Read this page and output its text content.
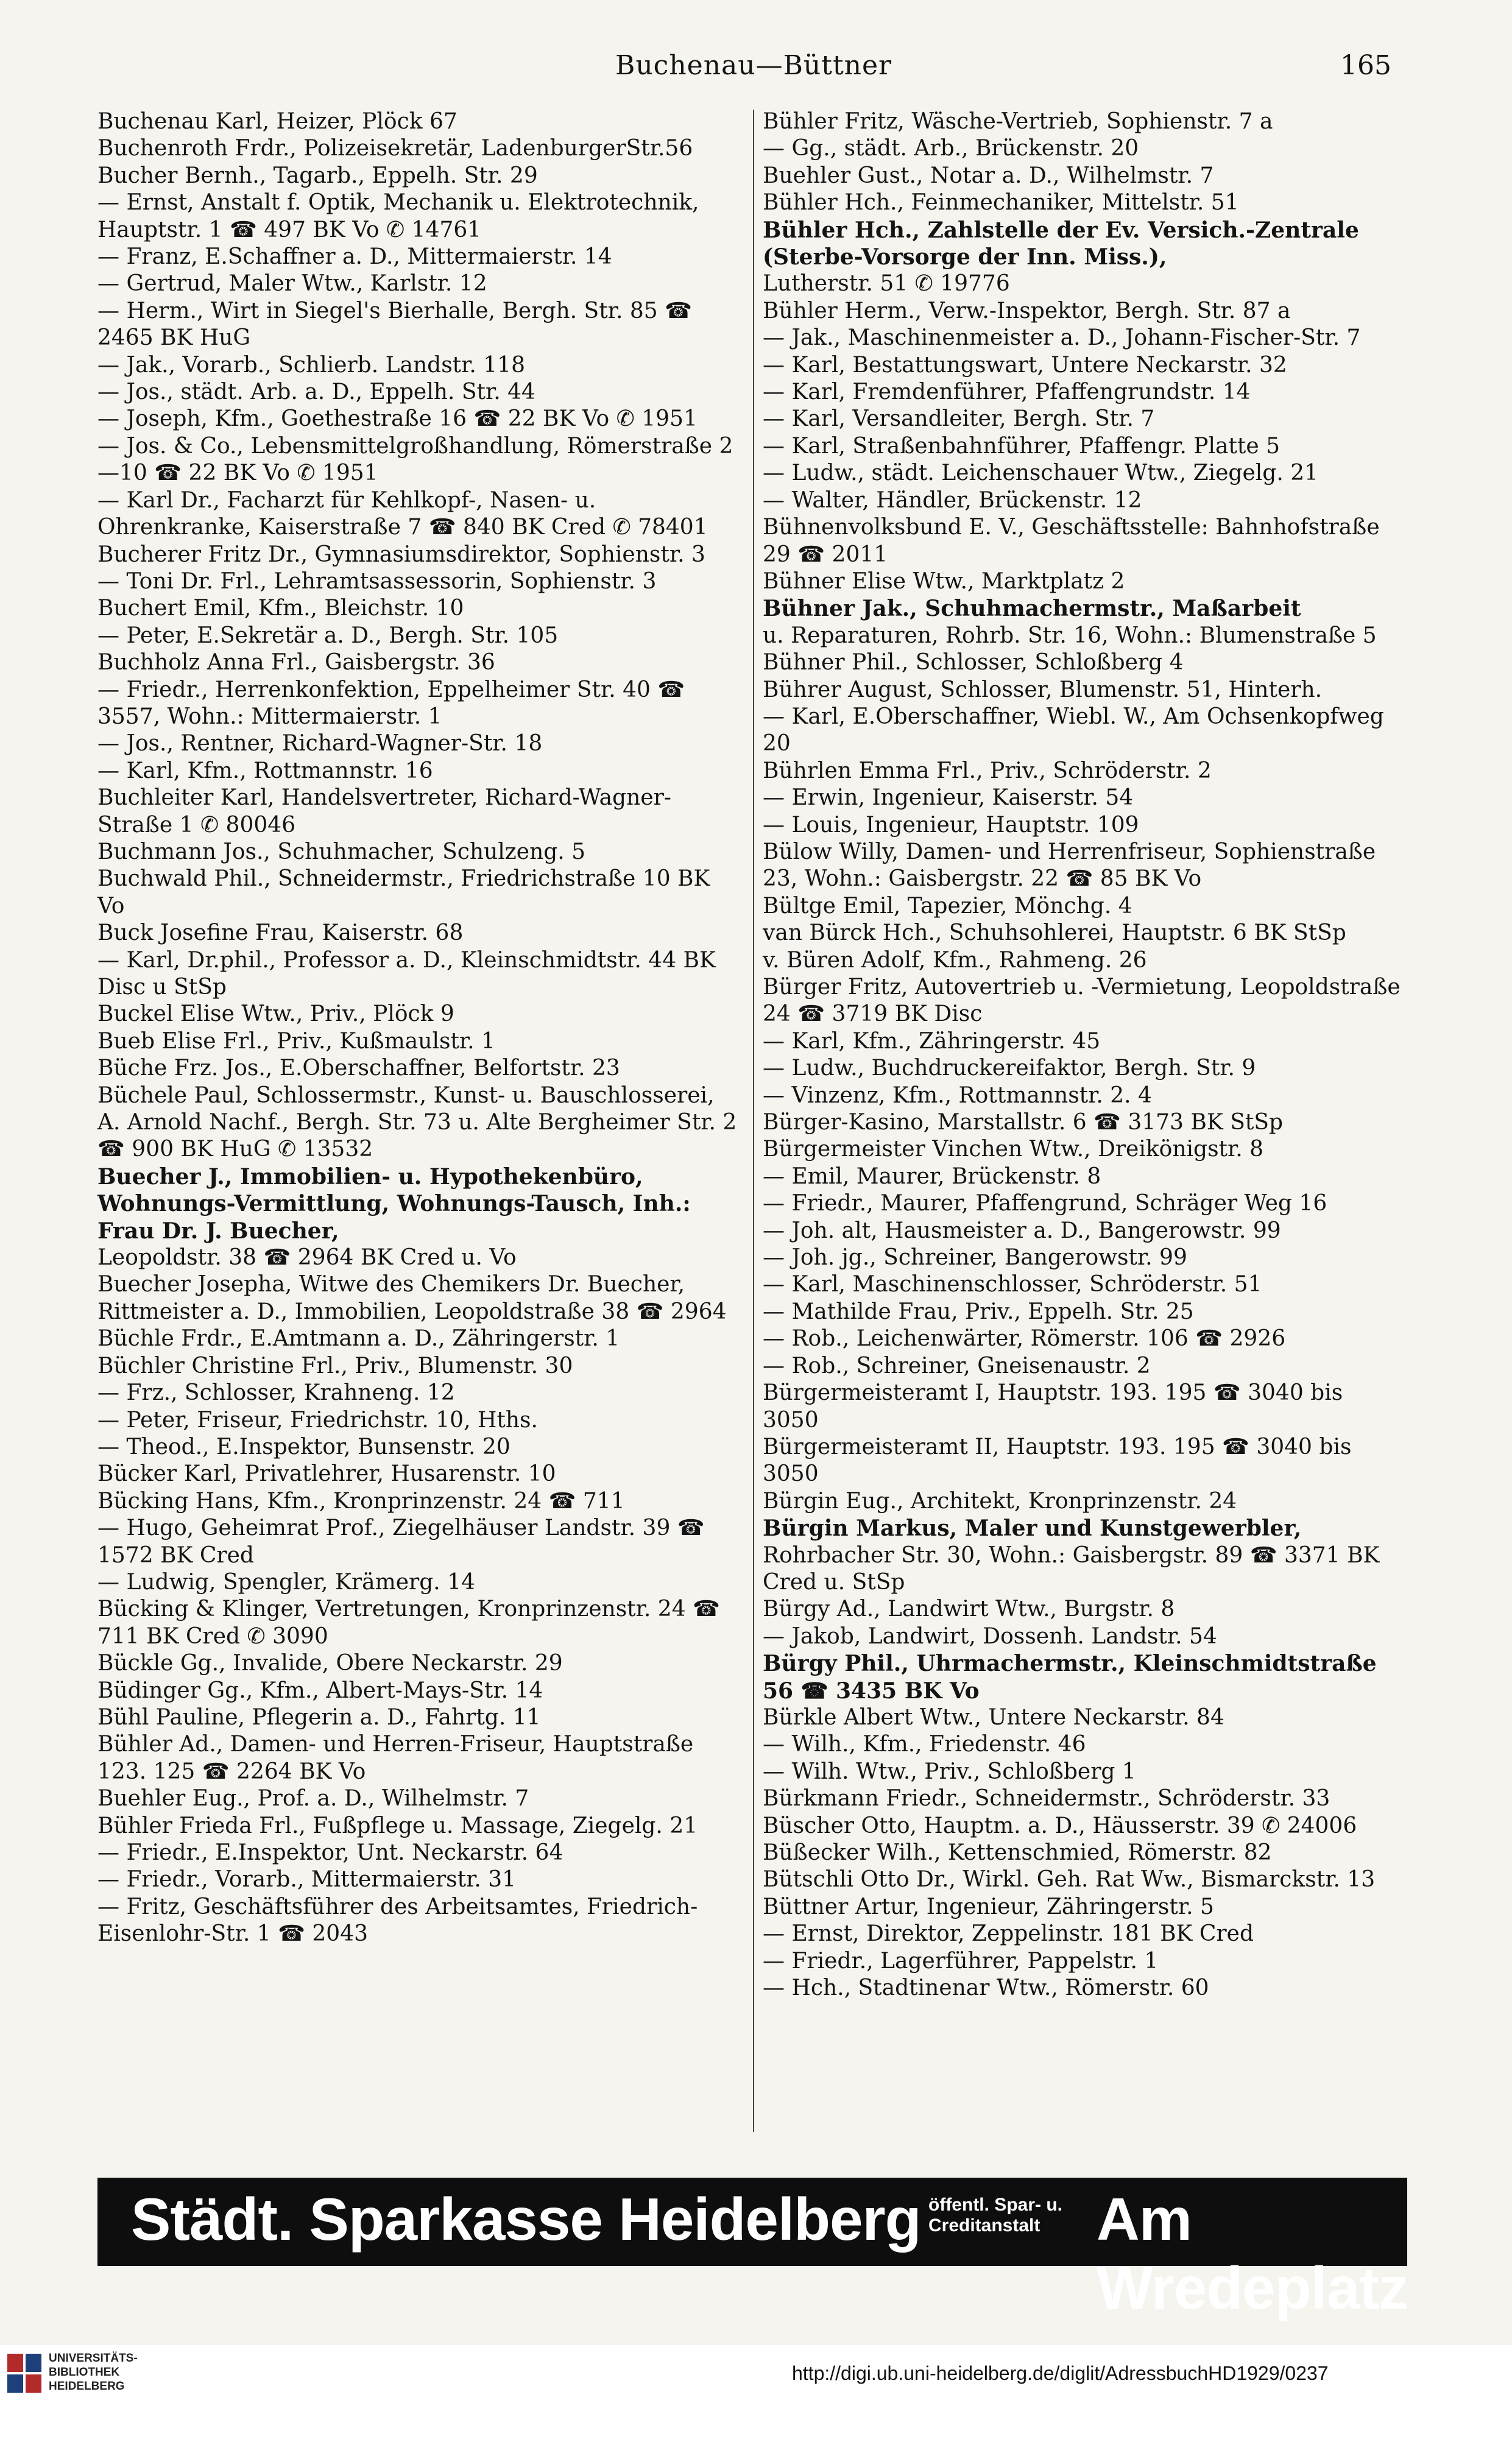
Buchenau—Büttner	165
Buchenau Karl, Heizer, Plöck 67
Buchenroth Frdr., Polizeisekretär, LadenburgerStr.56
Bucher Bernh., Tagarb., Eppelh. Str. 29
— Ernst, Anstalt f. Optik, Mechanik u. Elektrotechnik, Hauptstr. 1 ☎ 497 BK Vo ✆ 14761
— Franz, E.Schaffner a. D., Mittermaierstr. 14
— Gertrud, Maler Wtw., Karlstr. 12
— Herm., Wirt in Siegel's Bierhalle, Bergh. Str. 85 ☎ 2465 BK HuG
— Jak., Vorarb., Schlierb. Landstr. 118
— Jos., städt. Arb. a. D., Eppelh. Str. 44
— Joseph, Kfm., Goethestraße 16 ☎ 22 BK Vo ✆ 1951
— Jos. & Co., Lebensmittelgroßhandlung, Römerstraße 2—10 ☎ 22 BK Vo ✆ 1951
— Karl Dr., Facharzt für Kehlkopf-, Nasen- u. Ohrenkranke, Kaiserstraße 7 ☎ 840 BK Cred ✆ 78401
Bucherer Fritz Dr., Gymnasiumsdirektor, Sophienstr. 3
— Toni Dr. Frl., Lehramtsassessorin, Sophienstr. 3
Buchert Emil, Kfm., Bleichstr. 10
— Peter, E.Sekretär a. D., Bergh. Str. 105
Buchholz Anna Frl., Gaisbergstr. 36
— Friedr., Herrenkonfektion, Eppelheimer Str. 40 ☎ 3557, Wohn.: Mittermaierstr. 1
— Jos., Rentner, Richard-Wagner-Str. 18
— Karl, Kfm., Rottmannstr. 16
Buchleiter Karl, Handelsvertreter, Richard-Wagner-Straße 1 ✆ 80046
Buchmann Jos., Schuhmacher, Schulzeng. 5
Buchwald Phil., Schneidermstr., Friedrichstraße 10 BK Vo
Buck Josefine Frau, Kaiserstr. 68
— Karl, Dr.phil., Professor a. D., Kleinschmidtstr. 44 BK Disc u StSp
Buckel Elise Wtw., Priv., Plöck 9
Bueb Elise Frl., Priv., Kußmaulstr. 1
Büche Frz. Jos., E.Oberschaffner, Belfortstr. 23
Büchele Paul, Schlossermstr., Kunst- u. Bauschlosserei, A. Arnold Nachf., Bergh. Str. 73 u. Alte Bergheimer Str. 2 ☎ 900 BK HuG ✆ 13532
Buecher J., Immobilien- u. Hypothekenbüro, Wohnungs-Vermittlung, Wohnungs-Tausch, Inh.: Frau Dr. J. Buecher,
Leopoldstr. 38 ☎ 2964 BK Cred u. Vo
Buecher Josepha, Witwe des Chemikers Dr. Buecher, Rittmeister a. D., Immobilien, Leopoldstraße 38 ☎ 2964
Büchle Frdr., E.Amtmann a. D., Zähringerstr. 1
Büchler Christine Frl., Priv., Blumenstr. 30
— Frz., Schlosser, Krahneng. 12
— Peter, Friseur, Friedrichstr. 10, Hths.
— Theod., E.Inspektor, Bunsenstr. 20
Bücker Karl, Privatlehrer, Husarenstr. 10
Bücking Hans, Kfm., Kronprinzenstr. 24 ☎ 711
— Hugo, Geheimrat Prof., Ziegelhäuser Landstr. 39 ☎ 1572 BK Cred
— Ludwig, Spengler, Krämerg. 14
Bücking & Klinger, Vertretungen, Kronprinzenstr. 24 ☎ 711 BK Cred ✆ 3090
Bückle Gg., Invalide, Obere Neckarstr. 29
Büdinger Gg., Kfm., Albert-Mays-Str. 14
Bühl Pauline, Pflegerin a. D., Fahrtg. 11
Bühler Ad., Damen- und Herren-Friseur, Hauptstraße 123. 125 ☎ 2264 BK Vo
Buehler Eug., Prof. a. D., Wilhelmstr. 7
Bühler Frieda Frl., Fußpflege u. Massage, Ziegelg. 21
— Friedr., E.Inspektor, Unt. Neckarstr. 64
— Friedr., Vorarb., Mittermaierstr. 31
— Fritz, Geschäftsführer des Arbeitsamtes, Friedrich-Eisenlohr-Str. 1 ☎ 2043
Bühler Fritz, Wäsche-Vertrieb, Sophienstr. 7 a
— Gg., städt. Arb., Brückenstr. 20
Buehler Gust., Notar a. D., Wilhelmstr. 7
Bühler Hch., Feinmechaniker, Mittelstr. 51
Bühler Hch., Zahlstelle der Ev. Versich.-Zentrale (Sterbe-Vorsorge der Inn. Miss.),
Lutherstr. 51 ✆ 19776
Bühler Herm., Verw.-Inspektor, Bergh. Str. 87 a
— Jak., Maschinenmeister a. D., Johann-Fischer-Str. 7
— Karl, Bestattungswart, Untere Neckarstr. 32
— Karl, Fremdenführer, Pfaffengrundstr. 14
— Karl, Versandleiter, Bergh. Str. 7
— Karl, Straßenbahnführer, Pfaffengr. Platte 5
— Ludw., städt. Leichenschauer Wtw., Ziegelg. 21
— Walter, Händler, Brückenstr. 12
Bühnenvolksbund E. V., Geschäftsstelle: Bahnhofstraße 29 ☎ 2011
Bühner Elise Wtw., Marktplatz 2
Bühner Jak., Schuhmachermstr., Maßarbeit
u. Reparaturen, Rohrb. Str. 16, Wohn.: Blumenstraße 5
Bühner Phil., Schlosser, Schloßberg 4
Bührer August, Schlosser, Blumenstr. 51, Hinterh.
— Karl, E.Oberschaffner, Wiebl. W., Am Ochsenkopfweg 20
Bührlen Emma Frl., Priv., Schröderstr. 2
— Erwin, Ingenieur, Kaiserstr. 54
— Louis, Ingenieur, Hauptstr. 109
Bülow Willy, Damen- und Herrenfriseur, Sophienstraße 23, Wohn.: Gaisbergstr. 22 ☎ 85 BK Vo
Bültge Emil, Tapezier, Mönchg. 4
van Bürck Hch., Schuhsohlerei, Hauptstr. 6 BK StSp
v. Büren Adolf, Kfm., Rahmeng. 26
Bürger Fritz, Autovertrieb u. -Vermietung, Leopoldstraße 24 ☎ 3719 BK Disc
— Karl, Kfm., Zähringerstr. 45
— Ludw., Buchdruckereifaktor, Bergh. Str. 9
— Vinzenz, Kfm., Rottmannstr. 2. 4
Bürger-Kasino, Marstallstr. 6 ☎ 3173 BK StSp
Bürgermeister Vinchen Wtw., Dreikönigstr. 8
— Emil, Maurer, Brückenstr. 8
— Friedr., Maurer, Pfaffengrund, Schräger Weg 16
— Joh. alt, Hausmeister a. D., Bangerowstr. 99
— Joh. jg., Schreiner, Bangerowstr. 99
— Karl, Maschinenschlosser, Schröderstr. 51
— Mathilde Frau, Priv., Eppelh. Str. 25
— Rob., Leichenwärter, Römerstr. 106 ☎ 2926
— Rob., Schreiner, Gneisenaustr. 2
Bürgermeisteramt I, Hauptstr. 193. 195 ☎ 3040 bis 3050
Bürgermeisteramt II, Hauptstr. 193. 195 ☎ 3040 bis 3050
Bürgin Eug., Architekt, Kronprinzenstr. 24
Bürgin Markus, Maler und Kunstgewerbler,
Rohrbacher Str. 30, Wohn.: Gaisbergstr. 89 ☎ 3371 BK Cred u. StSp
Bürgy Ad., Landwirt Wtw., Burgstr. 8
— Jakob, Landwirt, Dossenh. Landstr. 54
Bürgy Phil., Uhrmachermstr., Kleinschmidtstraße 56 ☎ 3435 BK Vo
Bürkle Albert Wtw., Untere Neckarstr. 84
— Wilh., Kfm., Friedenstr. 46
— Wilh. Wtw., Priv., Schloßberg 1
Bürkmann Friedr., Schneidermstr., Schröderstr. 33
Büscher Otto, Hauptm. a. D., Häusserstr. 39 ✆ 24006
Büßecker Wilh., Kettenschmied, Römerstr. 82
Bütschli Otto Dr., Wirkl. Geh. Rat Ww., Bismarckstr. 13
Büttner Artur, Ingenieur, Zähringerstr. 5
— Ernst, Direktor, Zeppelinstr. 181 BK Cred
— Friedr., Lagerführer, Pappelstr. 1
— Hch., Stadtinenar Wtw., Römerstr. 60
Städt. Sparkasse Heidelberg öffentl. Spar- u.
Creditanstalt Am Wredeplatz
UNIVERSITÄTS-
BIBLIOTHEK
HEIDELBERG
http://digi.ub.uni-heidelberg.de/diglit/AdressbuchHD1929/0237
